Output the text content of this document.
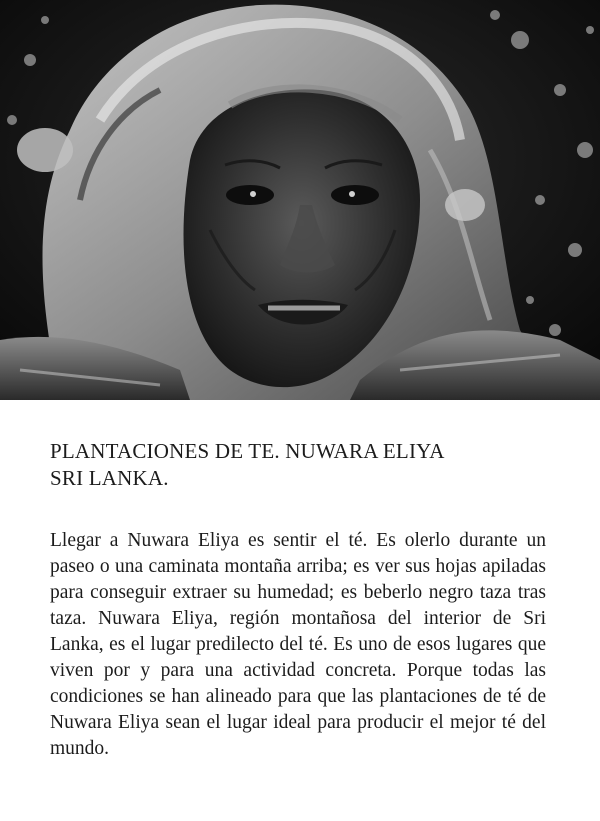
PLANTACIONES DE TE. NUWARA ELIYA
SRI LANKA.

Llegar a Nuwara Eliya es sentir el té. Es olerlo durante un paseo o una caminata montaña arriba; es ver sus hojas apiladas para conseguir extraer su humedad; es beberlo negro taza tras taza. Nuwara Eliya, región montañosa del interior de Sri Lanka, es el lugar predilecto del té. Es uno de esos lugares que viven por y para una actividad concreta. Porque todas las condiciones se han alineado para que las plantaciones de té de Nuwara Eliya sean el lugar ideal para producir el mejor té del mundo.
